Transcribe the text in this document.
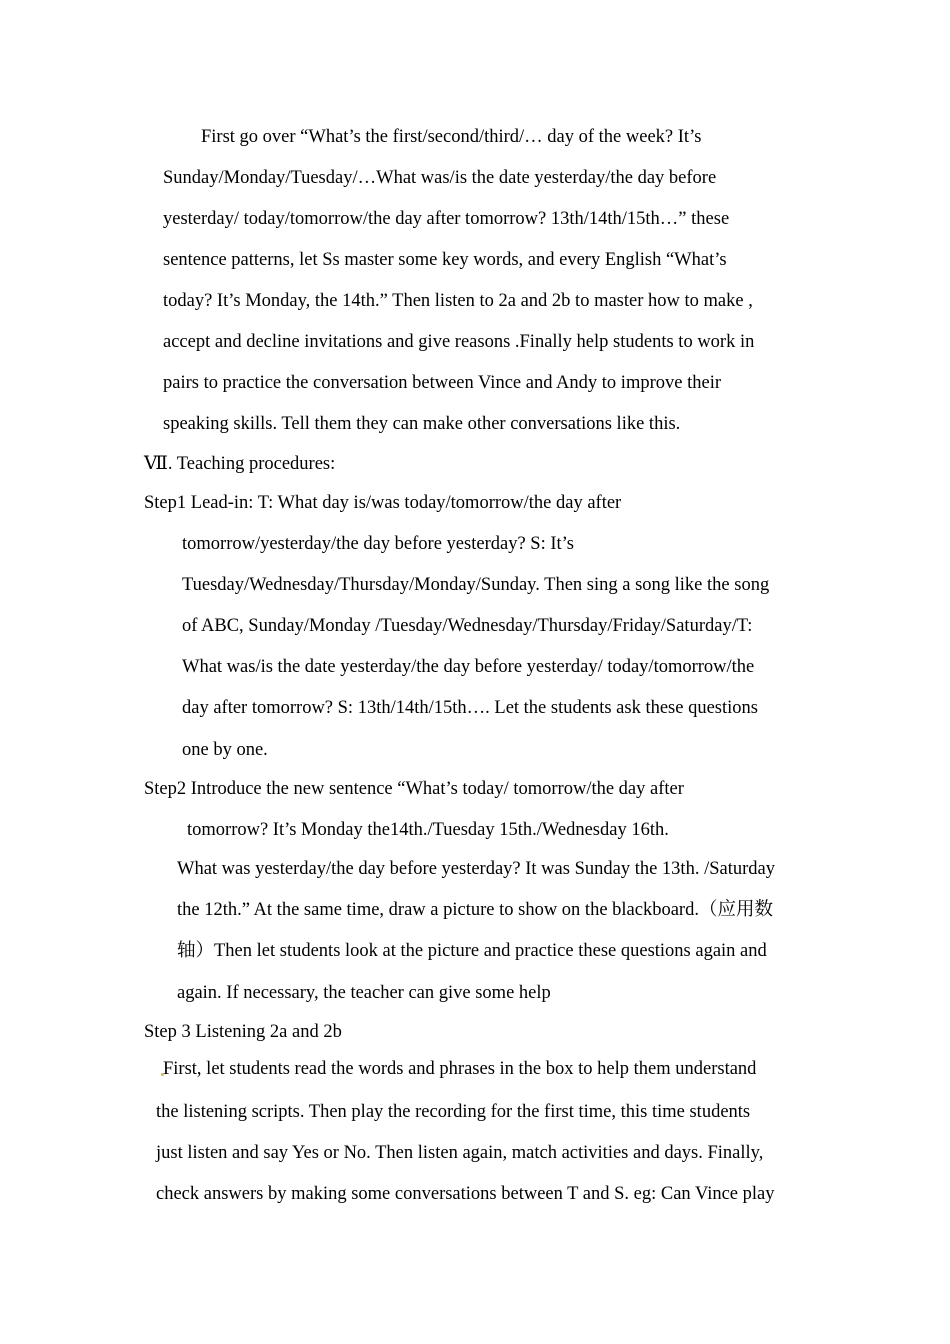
First go over “What’s the first/second/third/… day of the week? It’s
Sunday/Monday/Tuesday/…What was/is the date yesterday/the day before
yesterday/ today/tomorrow/the day after tomorrow? 13th/14th/15th…” these
sentence patterns, let Ss master some key words, and every English “What’s
today? It’s Monday, the 14th.” Then listen to 2a and 2b to master how to make ,
accept and decline invitations and give reasons .Finally help students to work in
pairs to practice the conversation between Vince and Andy to improve their
speaking skills. Tell them they can make other conversations like this.
Ⅶ. Teaching procedures:
Step1 Lead-in: T: What day is/was today/tomorrow/the day after
tomorrow/yesterday/the day before yesterday? S: It’s
Tuesday/Wednesday/Thursday/Monday/Sunday. Then sing a song like the song
of ABC, Sunday/Monday /Tuesday/Wednesday/Thursday/Friday/Saturday/T:
What was/is the date yesterday/the day before yesterday/ today/tomorrow/the
day after tomorrow? S: 13th/14th/15th…. Let the students ask these questions
one by one.
Step2 Introduce the new sentence “What’s today/ tomorrow/the day after
tomorrow? It’s Monday the14th./Tuesday 15th./Wednesday 16th.
What was yesterday/the day before yesterday? It was Sunday the 13th. /Saturday
the 12th.” At the same time, draw a picture to show on the blackboard.（应用数
轴）Then let students look at the picture and practice these questions again and
again. If necessary, the teacher can give some help
Step 3 Listening 2a and 2b
First, let students read the words and phrases in the box to help them understand
the listening scripts. Then play the recording for the first time, this time students
just listen and say Yes or No. Then listen again, match activities and days. Finally,
check answers by making some conversations between T and S. eg: Can Vince play
